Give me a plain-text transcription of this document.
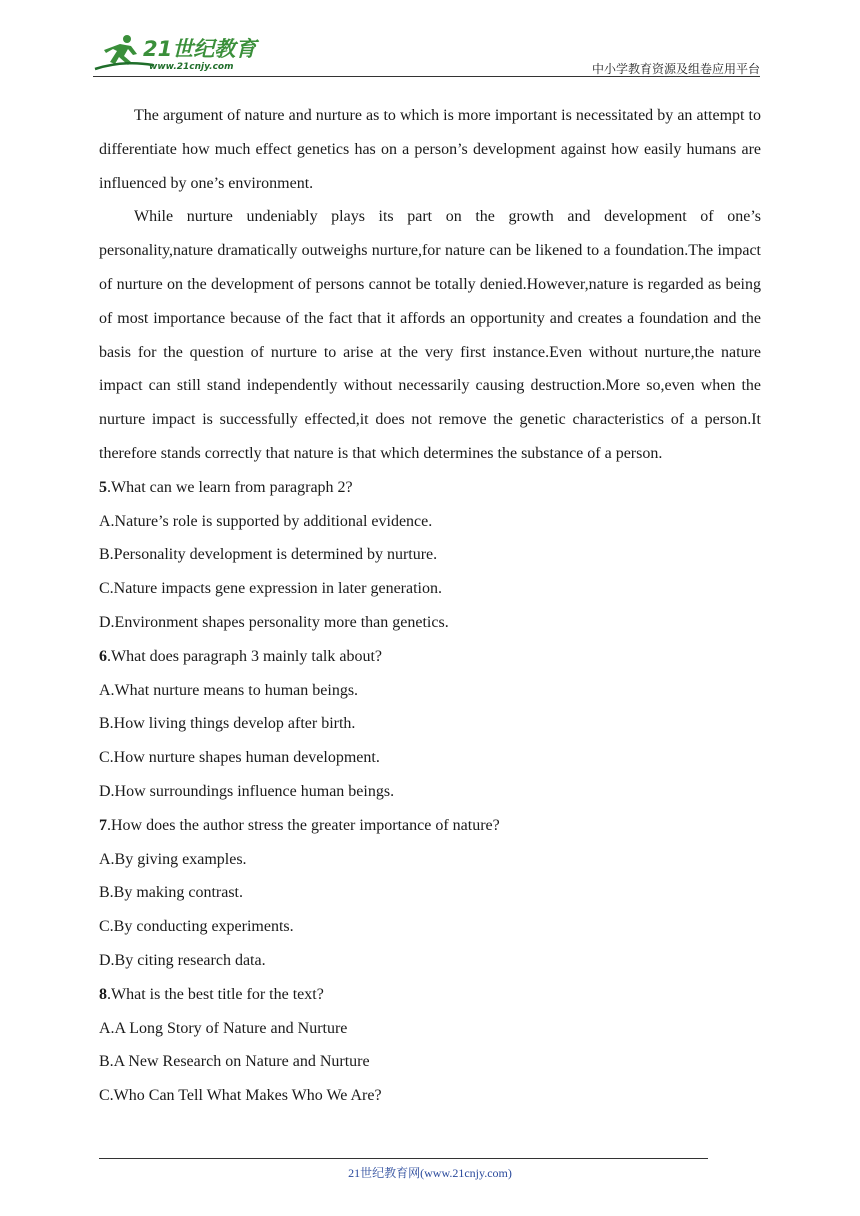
21世纪教育
www.21cnjy.com	中小学教育资源及组卷应用平台

The argument of nature and nurture as to which is more important is necessitated by an attempt to differentiate how much effect genetics has on a person’s development against how easily humans are influenced by one’s environment.

While nurture undeniably plays its part on the growth and development of one’s personality,nature dramatically outweighs nurture,for nature can be likened to a foundation.The impact of nurture on the development of persons cannot be totally denied.However,nature is regarded as being of most importance because of the fact that it affords an opportunity and creates a foundation and the basis for the question of nurture to arise at the very first instance.Even without nurture,the nature impact can still stand independently without necessarily causing destruction.More so,even when the nurture impact is successfully effected,it does not remove the genetic characteristics of a person.It therefore stands correctly that nature is that which determines the substance of a person.

5.What can we learn from paragraph 2?

A.Nature’s role is supported by additional evidence.

B.Personality development is determined by nurture.

C.Nature impacts gene expression in later generation.

D.Environment shapes personality more than genetics.

6.What does paragraph 3 mainly talk about?

A.What nurture means to human beings.

B.How living things develop after birth.

C.How nurture shapes human development.

D.How surroundings influence human beings.

7.How does the author stress the greater importance of nature?

A.By giving examples.

B.By making contrast.

C.By conducting experiments.

D.By citing research data.

8.What is the best title for the text?

A.A Long Story of Nature and Nurture

B.A New Research on Nature and Nurture

C.Who Can Tell What Makes Who We Are?

21世纪教育网(www.21cnjy.com)
